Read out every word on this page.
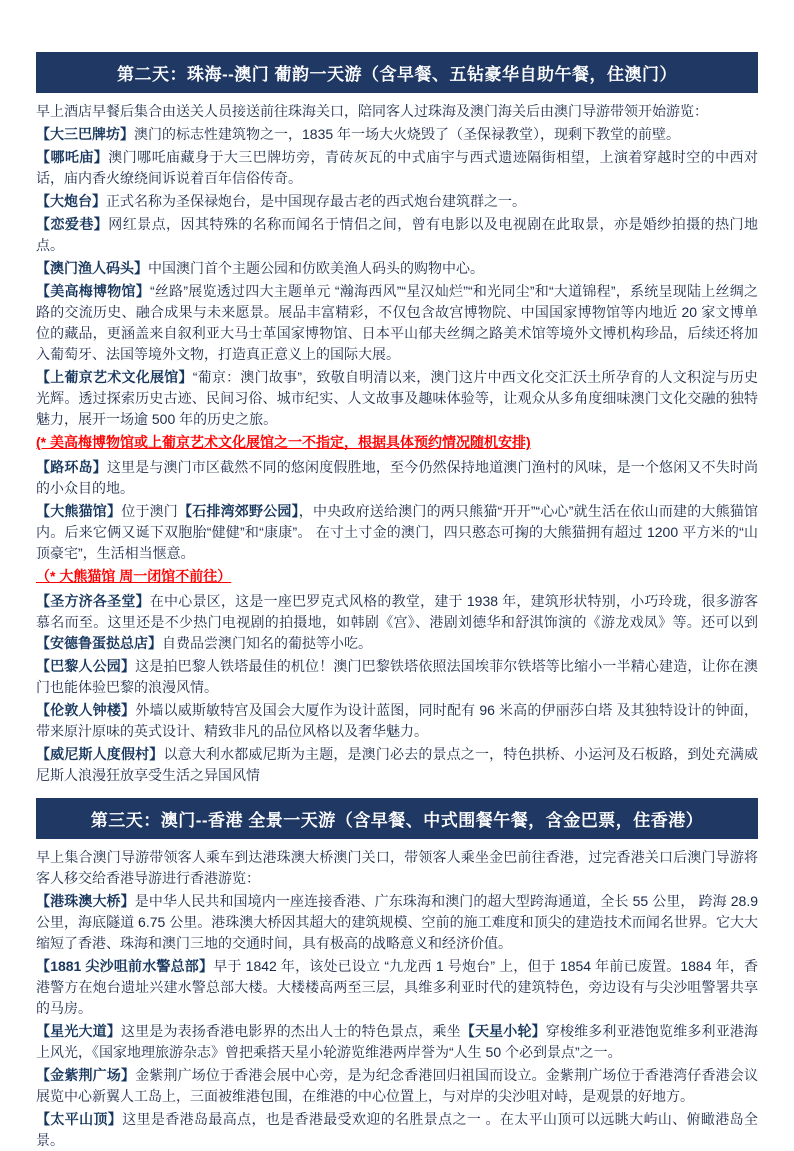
第二天：珠海--澳门 葡韵一天游（含早餐、五钻豪华自助午餐，住澳门）

早上酒店早餐后集合由送关人员接送前往珠海关口，陪同客人过珠海及澳门海关后由澳门导游带领开始游览：

【大三巴牌坊】澳门的标志性建筑物之一，1835 年一场大火烧毁了（圣保禄教堂），现剩下教堂的前壁。

【哪吒庙】澳门哪吒庙藏身于大三巴牌坊旁，青砖灰瓦的中式庙宇与西式遗迹隔街相望，上演着穿越时空的中西对话，庙内香火缭绕间诉说着百年信俗传奇。

【大炮台】正式名称为圣保禄炮台，是中国现存最古老的西式炮台建筑群之一。

【恋爱巷】网红景点，因其特殊的名称而闻名于情侣之间，曾有电影以及电视剧在此取景，亦是婚纱拍摄的热门地点。

【澳门渔人码头】中国澳门首个主题公园和仿欧美渔人码头的购物中心。

【美高梅博物馆】“丝路”展览透过四大主题单元 “瀚海西风”“星汉灿烂”“和光同尘”和“大道锦程”，系统呈现陆上丝绸之路的交流历史、融合成果与未来愿景。展品丰富精彩，不仅包含故宫博物院、中国国家博物馆等内地近 20 家文博单位的藏品，更涵盖来自叙利亚大马士革国家博物馆、日本平山郁夫丝绸之路美术馆等境外文博机构珍品，后续还将加入葡萄牙、法国等境外文物，打造真正意义上的国际大展。

【上葡京艺术文化展馆】“葡京：澳门故事”，致敬自明清以来，澳门这片中西文化交汇沃土所孕育的人文积淀与历史光辉。透过探索历史古迹、民间习俗、城市纪实、人文故事及趣味体验等，让观众从多角度细味澳门文化交融的独特魅力，展开一场逾 500 年的历史之旅。

(* 美高梅博物馆或上葡京艺术文化展馆之一不指定，根据具体预约情况随机安排)

【路环岛】这里是与澳门市区截然不同的悠闲度假胜地，至今仍然保持地道澳门渔村的风味，是一个悠闲又不失时尚的小众目的地。

【大熊猫馆】位于澳门【石排湾郊野公园】，中央政府送给澳门的两只熊猫“开开”“心心”就生活在依山而建的大熊猫馆内。后来它俩又诞下双胞胎“健健”和“康康”。 在寸土寸金的澳门，四只憨态可掬的大熊猫拥有超过 1200 平方米的“山顶豪宅”，生活相当惬意。

（* 大熊猫馆 周一闭馆不前往）

【圣方济各圣堂】在中心景区，这是一座巴罗克式风格的教堂，建于 1938 年，建筑形状特别，小巧玲珑，很多游客慕名而至。这里还是不少热门电视剧的拍摄地，如韩剧《宫》、港剧刘德华和舒淇饰演的《游龙戏凤》等。还可以到【安德鲁蛋挞总店】自费品尝澳门知名的葡挞等小吃。

【巴黎人公园】这是拍巴黎人铁塔最佳的机位！澳门巴黎铁塔依照法国埃菲尔铁塔等比缩小一半精心建造，让你在澳门也能体验巴黎的浪漫风情。

【伦敦人钟楼】外墙以威斯敏特宫及国会大厦作为设计蓝图，同时配有 96 米高的伊丽莎白塔 及其独特设计的钟面，带来原汁原味的英式设计、精致非凡的品位风格以及奢华魅力。

【威尼斯人度假村】以意大利水都威尼斯为主题，是澳门必去的景点之一，特色拱桥、小运河及石板路，到处充满威尼斯人浪漫狂放享受生活之异国风情

第三天：澳门--香港 全景一天游（含早餐、中式围餐午餐，含金巴票，住香港）

早上集合澳门导游带领客人乘车到达港珠澳大桥澳门关口，带领客人乘坐金巴前往香港，过完香港关口后澳门导游将客人移交给香港导游进行香港游览：

【港珠澳大桥】是中华人民共和国境内一座连接香港、广东珠海和澳门的超大型跨海通道，全长 55 公里， 跨海 28.9 公里，海底隧道 6.75 公里。港珠澳大桥因其超大的建筑规模、空前的施工难度和顶尖的建造技术而闻名世界。它大大缩短了香港、珠海和澳门三地的交通时间，具有极高的战略意义和经济价值。

【1881 尖沙咀前水警总部】早于 1842 年，该处已设立 “九龙西 1 号炮台” 上，但于 1854 年前已废置。1884 年，香港警方在炮台遗址兴建水警总部大楼。大楼楼高两至三层，具维多利亚时代的建筑特色，旁边设有与尖沙咀警署共享的马房。

【星光大道】这里是为表扬香港电影界的杰出人士的特色景点，乘坐【天星小轮】穿梭维多利亚港饱览维多利亚港海上风光，《国家地理旅游杂志》曾把乘搭天星小轮游览维港两岸誉为“人生 50 个必到景点”之一。

【金紫荆广场】金紫荆广场位于香港会展中心旁，是为纪念香港回归祖国而设立。金紫荆广场位于香港湾仔香港会议展览中心新翼人工岛上，三面被维港包围，在维港的中心位置上，与对岸的尖沙咀对峙，是观景的好地方。

【太平山顶】这里是香港岛最高点，也是香港最受欢迎的名胜景点之一 。在太平山顶可以远眺大屿山、俯瞰港岛全景。
